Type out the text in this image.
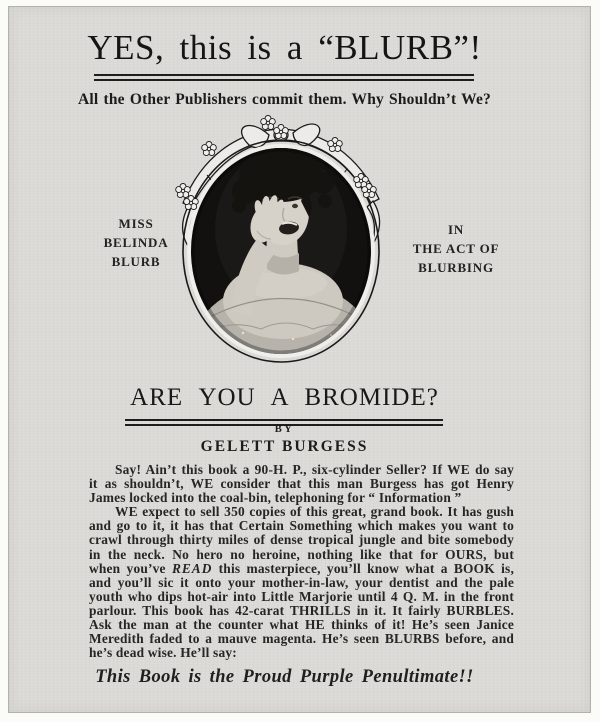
YES, this is a “BLURB”!
All the Other Publishers commit them. Why Shouldn’t We?
MISS
BELINDA
BLURB
IN
THE ACT OF
BLURBING
ARE YOU A BROMIDE?
BY
GELETT BURGESS
Say! Ain’t this book a 90-H. P., six-cylinder Seller? If WE do say
it as shouldn’t, WE consider that this man Burgess has got Henry
James locked into the coal-bin, telephoning for “ Information ”
WE expect to sell 350 copies of this great, grand book. It has gush
and go to it, it has that Certain Something which makes you want to
crawl through thirty miles of dense tropical jungle and bite somebody
in the neck. No hero no heroine, nothing like that for OURS, but
when you’ve READ this masterpiece, you’ll know what a BOOK is,
and you’ll sic it onto your mother-in-law, your dentist and the pale
youth who dips hot-air into Little Marjorie until 4 Q. M. in the front
parlour. This book has 42-carat THRILLS in it. It fairly BURBLES.
Ask the man at the counter what HE thinks of it! He’s seen Janice
Meredith faded to a mauve magenta. He’s seen BLURBS before, and
he’s dead wise. He’ll say:
This Book is the Proud Purple Penultimate!!
